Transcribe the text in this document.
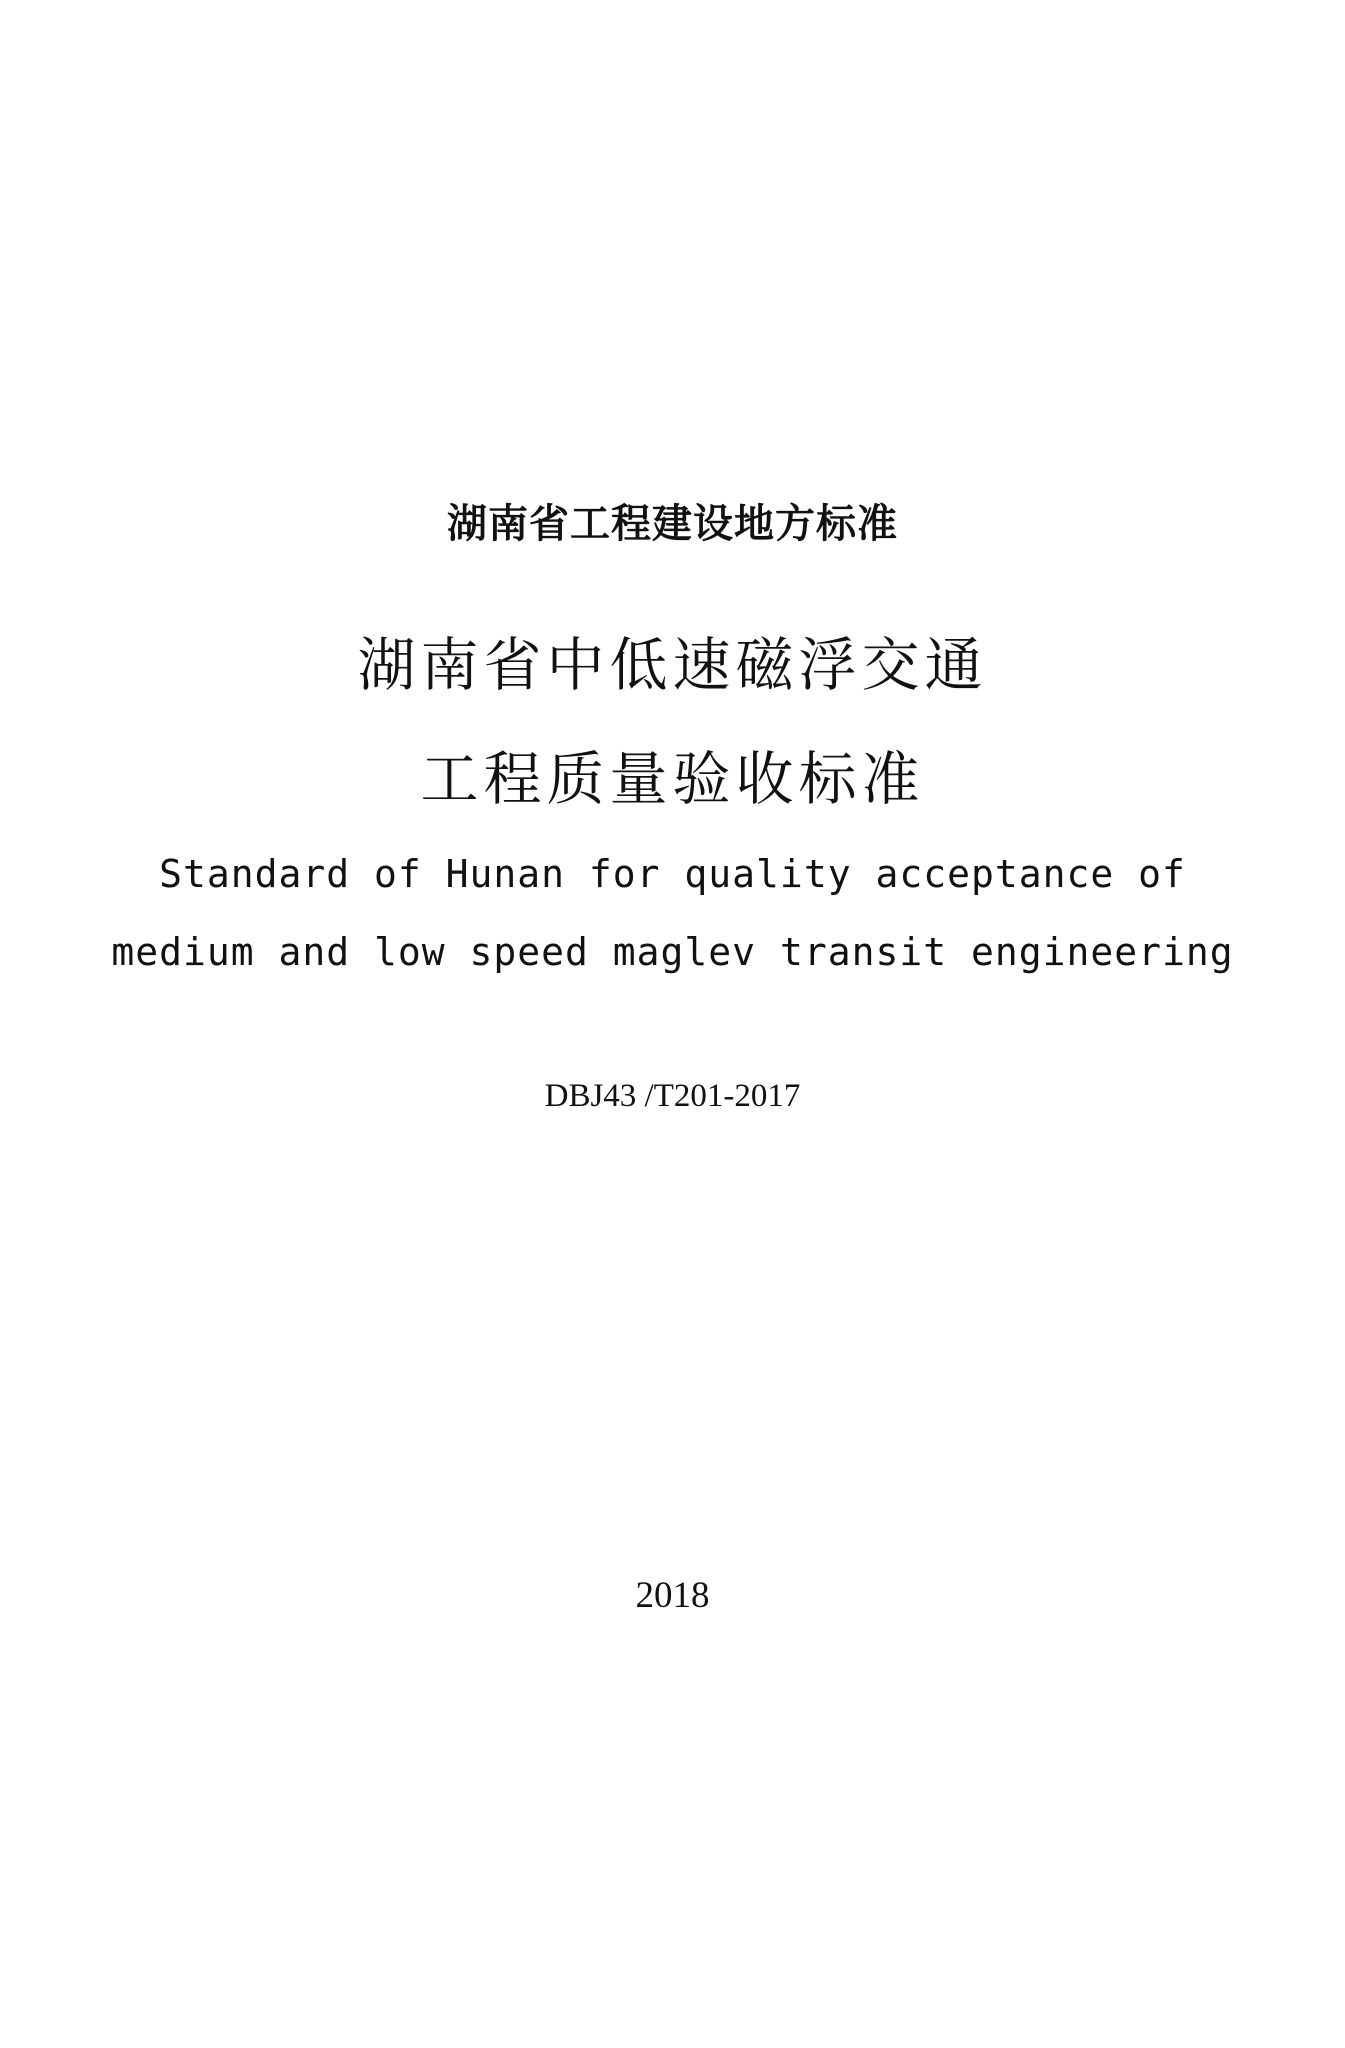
湖南省工程建设地方标准
湖南省中低速磁浮交通
工程质量验收标准
Standard of Hunan for quality acceptance of
medium and low speed maglev transit engineering
DBJ43 /T201-2017
2018
